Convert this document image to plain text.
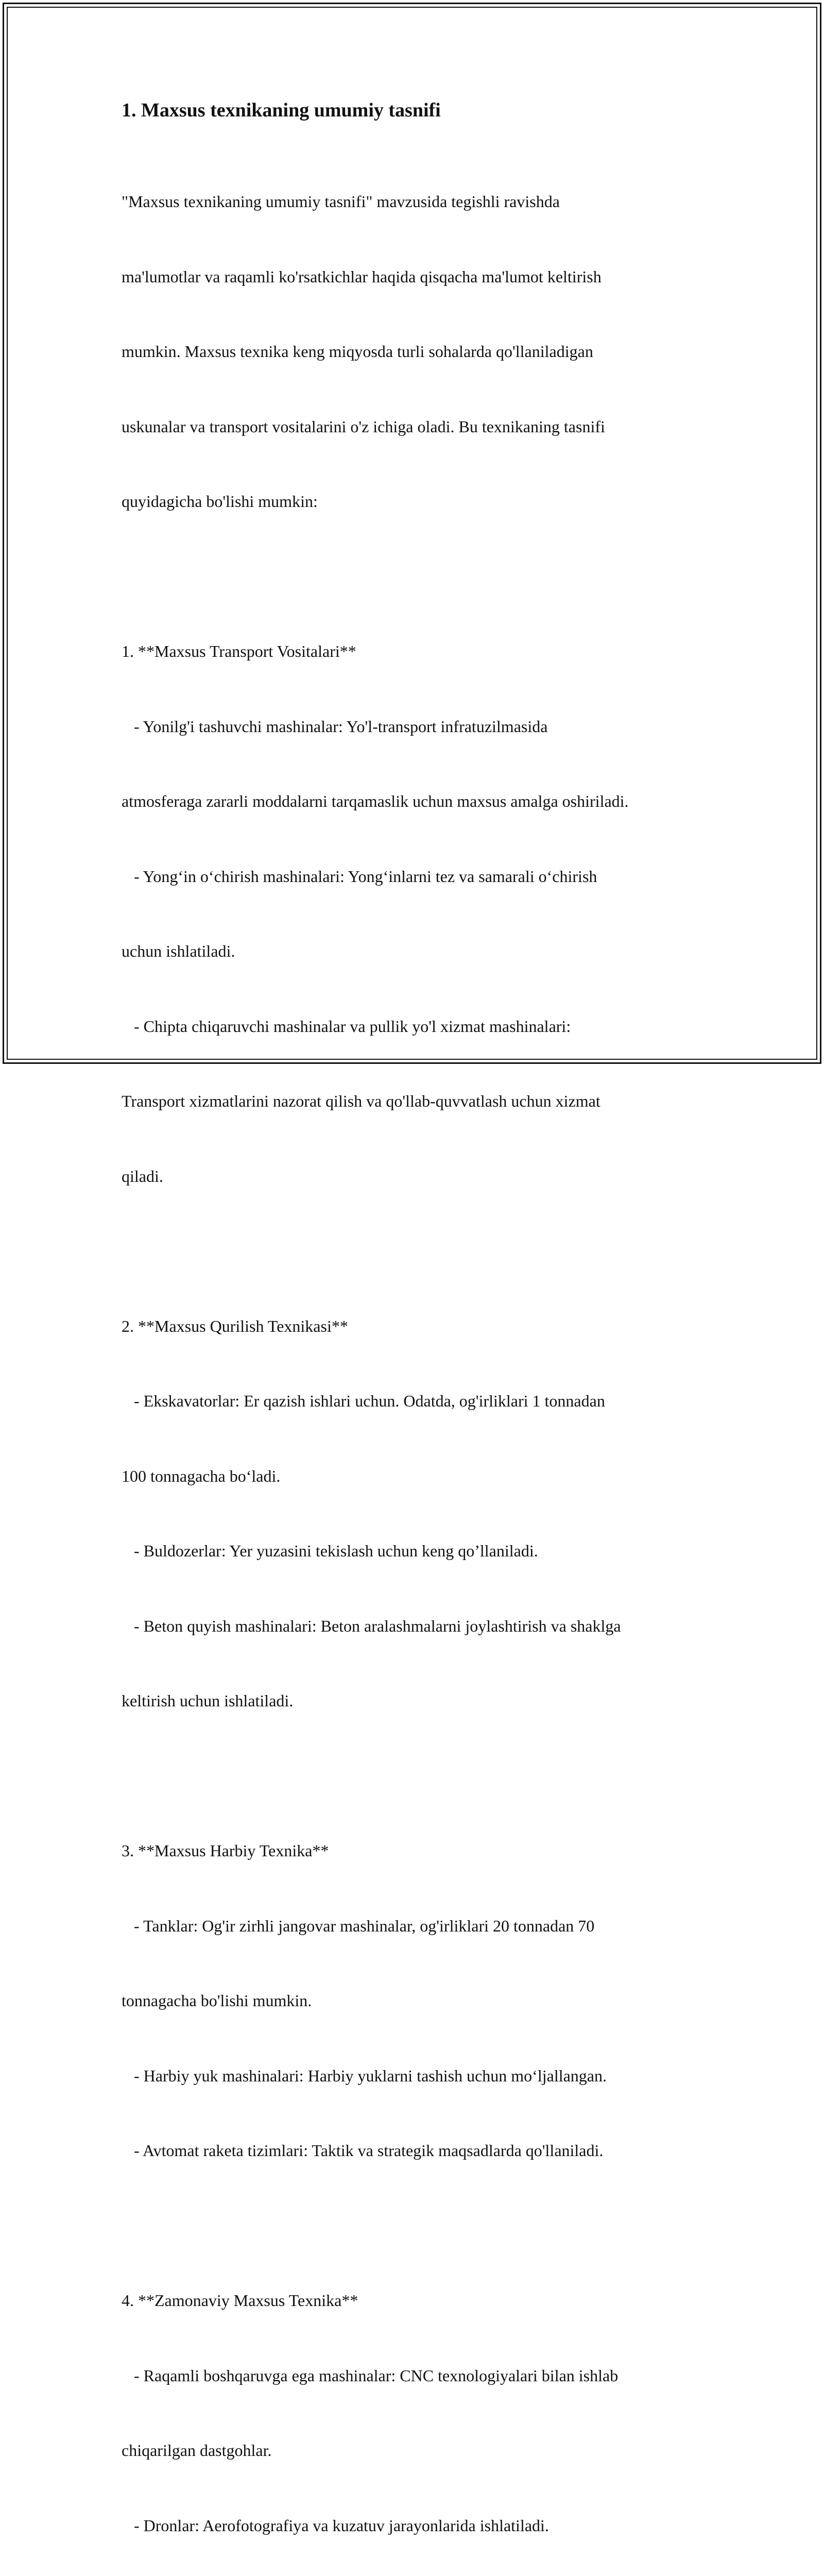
1. Maxsus texnikaning umumiy tasnifi

"Maxsus texnikaning umumiy tasnifi" mavzusida tegishli ravishda

ma'lumotlar va raqamli ko'rsatkichlar haqida qisqacha ma'lumot keltirish

mumkin. Maxsus texnika keng miqyosda turli sohalarda qo'llaniladigan

uskunalar va transport vositalarini o'z ichiga oladi. Bu texnikaning tasnifi

quyidagicha bo'lishi mumkin:

1. **Maxsus Transport Vositalari**

- Yonilg'i tashuvchi mashinalar: Yo'l-transport infratuzilmasida

atmosferaga zararli moddalarni tarqamaslik uchun maxsus amalga oshiriladi.

- Yong‘in o‘chirish mashinalari: Yong‘inlarni tez va samarali o‘chirish

uchun ishlatiladi.

- Chipta chiqaruvchi mashinalar va pullik yo'l xizmat mashinalari:

Transport xizmatlarini nazorat qilish va qo'llab-quvvatlash uchun xizmat

qiladi.

2. **Maxsus Qurilish Texnikasi**

- Ekskavatorlar: Er qazish ishlari uchun. Odatda, og'irliklari 1 tonnadan

100 tonnagacha bo‘ladi.

- Buldozerlar: Yer yuzasini tekislash uchun keng qo’llaniladi.

- Beton quyish mashinalari: Beton aralashmalarni joylashtirish va shaklga

keltirish uchun ishlatiladi.

3. **Maxsus Harbiy Texnika**

- Tanklar: Og'ir zirhli jangovar mashinalar, og'irliklari 20 tonnadan 70

tonnagacha bo'lishi mumkin.

- Harbiy yuk mashinalari: Harbiy yuklarni tashish uchun mo‘ljallangan.

- Avtomat raketa tizimlari: Taktik va strategik maqsadlarda qo'llaniladi.

4. **Zamonaviy Maxsus Texnika**

- Raqamli boshqaruvga ega mashinalar: CNC texnologiyalari bilan ishlab

chiqarilgan dastgohlar.

- Dronlar: Aerofotografiya va kuzatuv jarayonlarida ishlatiladi.
